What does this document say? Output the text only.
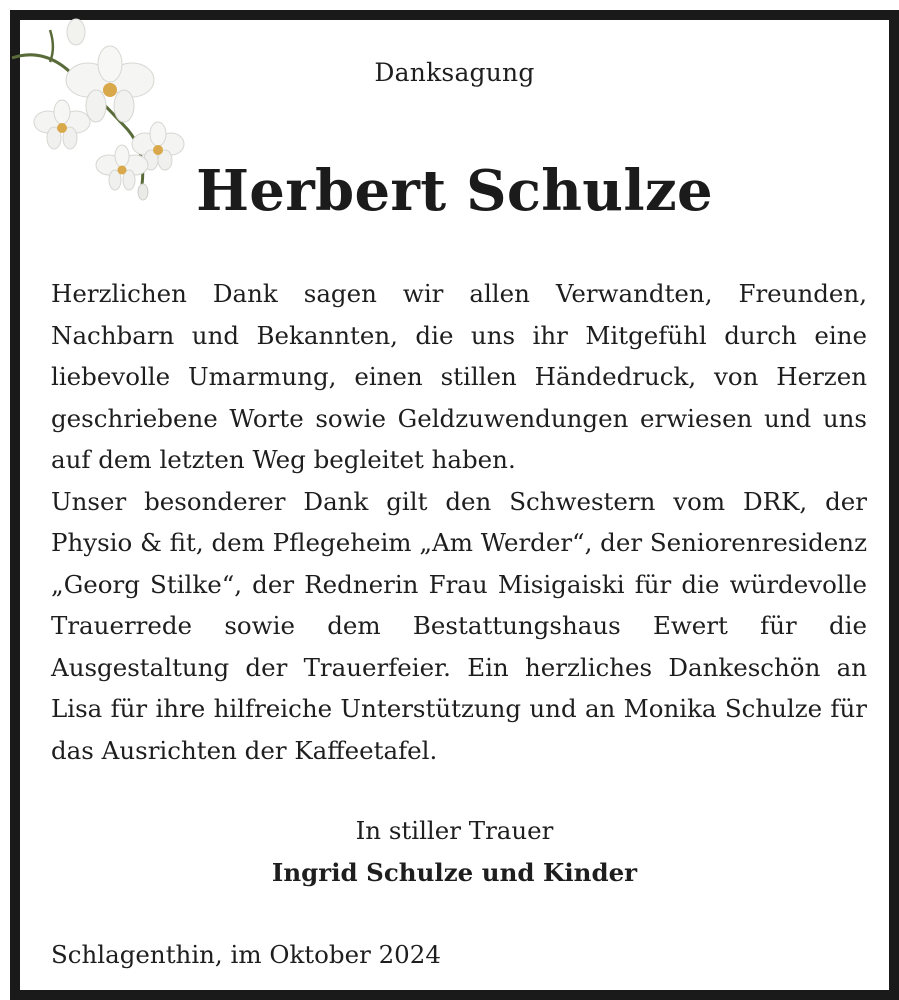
Danksagung
Herbert Schulze

Herzlichen Dank sagen wir allen Verwandten, Freunden, Nachbarn und Bekannten, die uns ihr Mitgefühl durch eine liebevolle Umarmung, einen stillen Händedruck, von Herzen geschriebene Worte sowie Geldzuwendungen erwiesen und uns auf dem letzten Weg begleitet haben.

Unser besonderer Dank gilt den Schwestern vom DRK, der Physio & fit, dem Pflegeheim „Am Werder“, der Seniorenresidenz „Georg Stilke“, der Rednerin Frau Misigaiski für die würdevolle Trauerrede sowie dem Bestattungshaus Ewert für die Ausgestaltung der Trauerfeier. Ein herzliches Dankeschön an Lisa für ihre hilfreiche Unterstützung und an Monika Schulze für das Ausrichten der Kaffeetafel.

In stiller Trauer
Ingrid Schulze und Kinder
Schlagenthin, im Oktober 2024
